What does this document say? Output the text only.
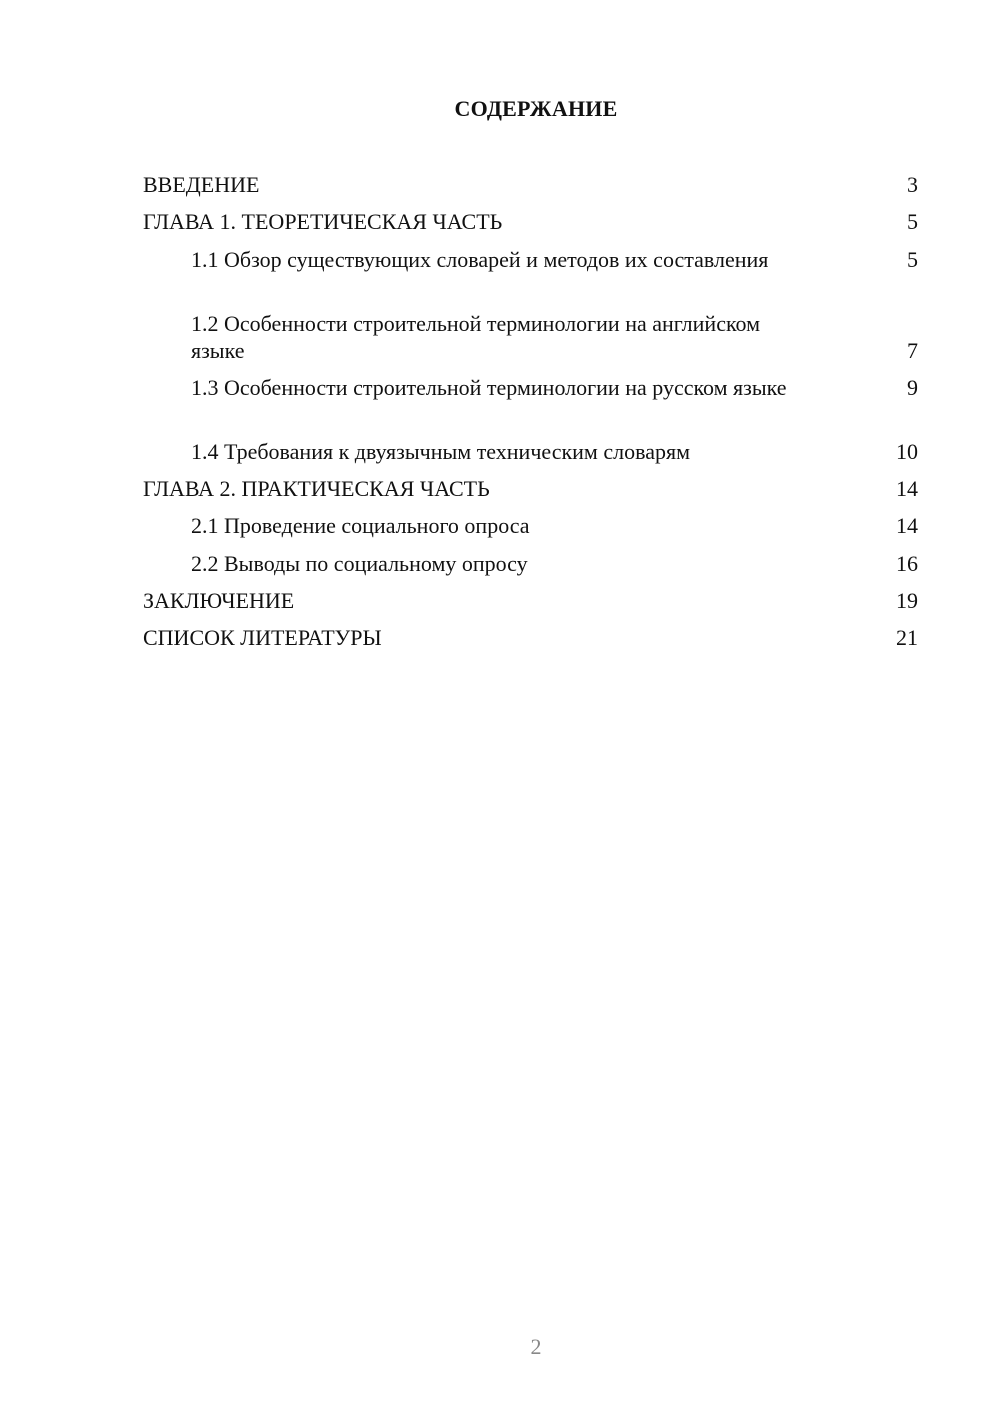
СОДЕРЖАНИЕ
ВВЕДЕНИЕ	3
ГЛАВА 1. ТЕОРЕТИЧЕСКАЯ ЧАСТЬ	5
1.1 Обзор существующих словарей и методов их составления	5
1.2 Особенности строительной терминологии на английском языке	7
1.3 Особенности строительной терминологии на русском языке	9
1.4 Требования к двуязычным техническим словарям	10
ГЛАВА 2. ПРАКТИЧЕСКАЯ ЧАСТЬ	14
2.1 Проведение социального опроса	14
2.2 Выводы по социальному опросу	16
ЗАКЛЮЧЕНИЕ	19
СПИСОК ЛИТЕРАТУРЫ	21
2
